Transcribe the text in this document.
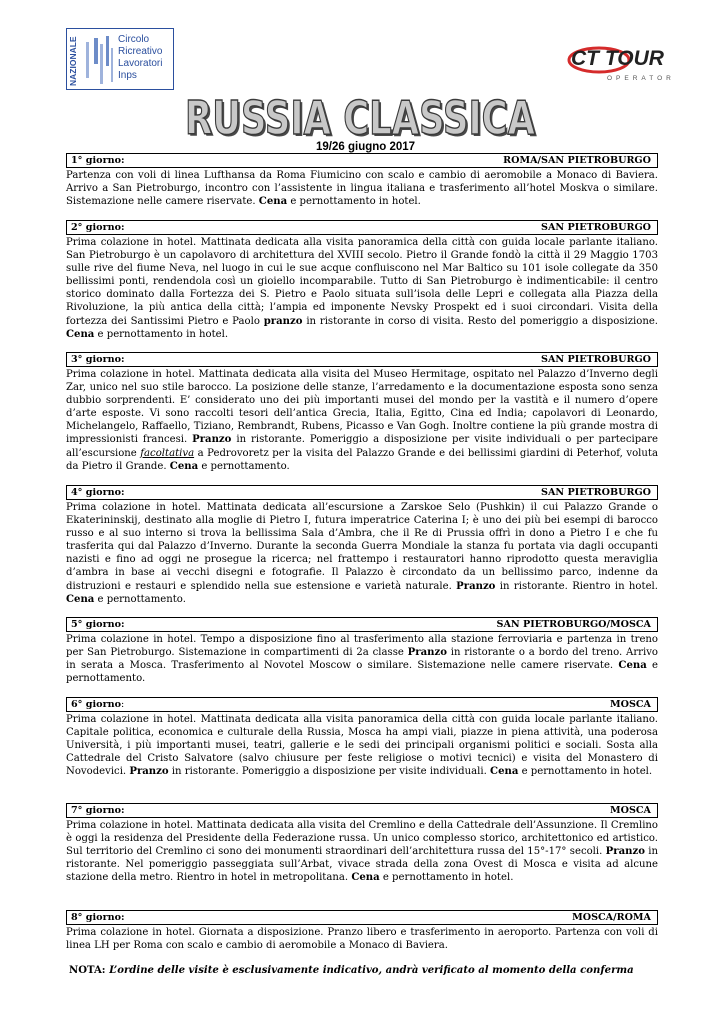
NAZIONALE	Circolo
Ricreativo
Lavoratori
Inps
CT TOUR
OPERATOR
RUSSIA CLASSICA
RUSSIA CLASSICA
19/26 giugno 2017
1° giorno:	ROMA/SAN PIETROBURGO
Partenza con voli di linea Lufthansa da Roma Fiumicino con scalo e cambio di aeromobile a Monaco di Baviera. Arrivo a San Pietroburgo, incontro con l’assistente in lingua italiana e trasferimento all’hotel Moskva o similare. Sistemazione nelle camere riservate. Cena e pernottamento in hotel.
2° giorno:	SAN PIETROBURGO
Prima colazione in hotel. Mattinata dedicata alla visita panoramica della città con guida locale parlante italiano. San Pietroburgo è un capolavoro di architettura del XVIII secolo. Pietro il Grande fondò la città il 29 Maggio 1703 sulle rive del fiume Neva, nel luogo in cui le sue acque confluiscono nel Mar Baltico su 101 isole collegate da 350 bellissimi ponti, rendendola così un gioiello incomparabile. Tutto di San Pietroburgo è indimenticabile: il centro storico dominato dalla Fortezza dei S. Pietro e Paolo situata sull’isola delle Lepri e collegata alla Piazza della Rivoluzione, la più antica della città; l’ampia ed imponente Nevsky Prospekt ed i suoi circondari. Visita della fortezza dei Santissimi Pietro e Paolo pranzo in ristorante in corso di visita. Resto del pomeriggio a disposizione. Cena e pernottamento in hotel.
3° giorno:	SAN PIETROBURGO
Prima colazione in hotel. Mattinata dedicata alla visita del Museo Hermitage, ospitato nel Palazzo d’Inverno degli Zar, unico nel suo stile barocco. La posizione delle stanze, l’arredamento e la documentazione esposta sono senza dubbio sorprendenti. E’ considerato uno dei più importanti musei del mondo per la vastità e il numero d’opere d’arte esposte. Vi sono raccolti tesori dell’antica Grecia, Italia, Egitto, Cina ed India; capolavori di Leonardo, Michelangelo, Raffaello, Tiziano, Rembrandt, Rubens, Picasso e Van Gogh. Inoltre contiene la più grande mostra di impressionisti francesi. Pranzo in ristorante. Pomeriggio a disposizione per visite individuali o per partecipare all’escursione facoltativa a Pedrovoretz per la visita del Palazzo Grande e dei bellissimi giardini di Peterhof, voluta da Pietro il Grande. Cena e pernottamento.
4° giorno:	SAN PIETROBURGO
Prima colazione in hotel. Mattinata dedicata all’escursione a Zarskoe Selo (Pushkin) il cui Palazzo Grande o Ekaterininskij, destinato alla moglie di Pietro I, futura imperatrice Caterina I; è uno dei più bei esempi di barocco russo e al suo interno si trova la bellissima Sala d’Ambra, che il Re di Prussia offrì in dono a Pietro I e che fu trasferita qui dal Palazzo d’Inverno. Durante la seconda Guerra Mondiale la stanza fu portata via dagli occupanti nazisti e fino ad oggi ne prosegue la ricerca; nel frattempo i restauratori hanno riprodotto questa meraviglia d’ambra in base ai vecchi disegni e fotografie. Il Palazzo è circondato da un bellissimo parco, indenne da distruzioni e restauri e splendido nella sue estensione e varietà naturale. Pranzo in ristorante. Rientro in hotel. Cena e pernottamento.
5° giorno:	SAN PIETROBURGO/MOSCA
Prima colazione in hotel. Tempo a disposizione fino al trasferimento alla stazione ferroviaria e partenza in treno per San Pietroburgo. Sistemazione in compartimenti di 2a classe Pranzo in ristorante o a bordo del treno. Arrivo in serata a Mosca. Trasferimento al Novotel Moscow o similare. Sistemazione nelle camere riservate. Cena e pernottamento.
6° giorno:	MOSCA
Prima colazione in hotel. Mattinata dedicata alla visita panoramica della città con guida locale parlante italiano. Capitale politica, economica e culturale della Russia, Mosca ha ampi viali, piazze in piena attività, una poderosa Università, i più importanti musei, teatri, gallerie e le sedi dei principali organismi politici e sociali. Sosta alla Cattedrale del Cristo Salvatore (salvo chiusure per feste religiose o motivi tecnici) e visita del Monastero di Novodevici. Pranzo in ristorante. Pomeriggio a disposizione per visite individuali. Cena e pernottamento in hotel.
7° giorno:	MOSCA
Prima colazione in hotel. Mattinata dedicata alla visita del Cremlino e della Cattedrale dell’Assunzione. Il Cremlino è oggi la residenza del Presidente della Federazione russa. Un unico complesso storico, architettonico ed artistico. Sul territorio del Cremlino ci sono dei monumenti straordinari dell’architettura russa del 15°-17° secoli. Pranzo in ristorante. Nel pomeriggio passeggiata sull’Arbat, vivace strada della zona Ovest di Mosca e visita ad alcune stazione della metro. Rientro in hotel in metropolitana. Cena e pernottamento in hotel.
8° giorno:	MOSCA/ROMA
Prima colazione in hotel. Giornata a disposizione. Pranzo libero e trasferimento in aeroporto. Partenza con voli di linea LH per Roma con scalo e cambio di aeromobile a Monaco di Baviera.
NOTA: L’ordine delle visite è esclusivamente indicativo, andrà verificato al momento della conferma
